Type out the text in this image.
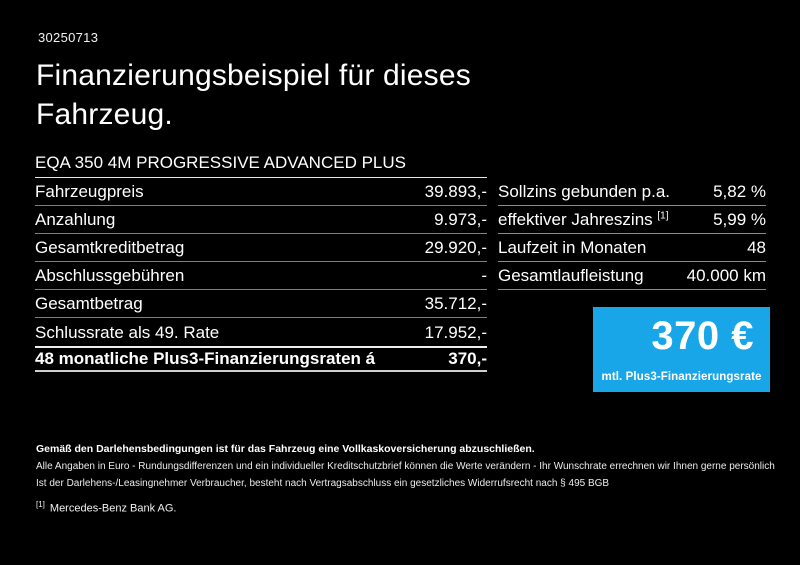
30250713
Finanzierungsbeispiel für dieses Fahrzeug.
EQA 350 4M PROGRESSIVE ADVANCED PLUS
Fahrzeugpreis	39.893,-
Anzahlung	9.973,-
Gesamtkreditbetrag	29.920,-
Abschlussgebühren	-
Gesamtbetrag	35.712,-
Schlussrate als 49. Rate	17.952,-
48 monatliche Plus3-Finanzierungsraten á	370,-
Sollzins gebunden p.a.	5,82 %
effektiver Jahreszins [1]	5,99 %
Laufzeit in Monaten	48
Gesamtlaufleistung	40.000 km
370 €
mtl. Plus3-Finanzierungsrate

Gemäß den Darlehensbedingungen ist für das Fahrzeug eine Vollkaskoversicherung abzuschließen.

Alle Angaben in Euro - Rundungsdifferenzen und ein individueller Kreditschutzbrief können die Werte verändern - Ihr Wunschrate errechnen wir Ihnen gerne persönlich

Ist der Darlehens-/Leasingnehmer Verbraucher, besteht nach Vertragsabschluss ein gesetzliches Widerrufsrecht nach § 495 BGB

[1] Mercedes-Benz Bank AG.
